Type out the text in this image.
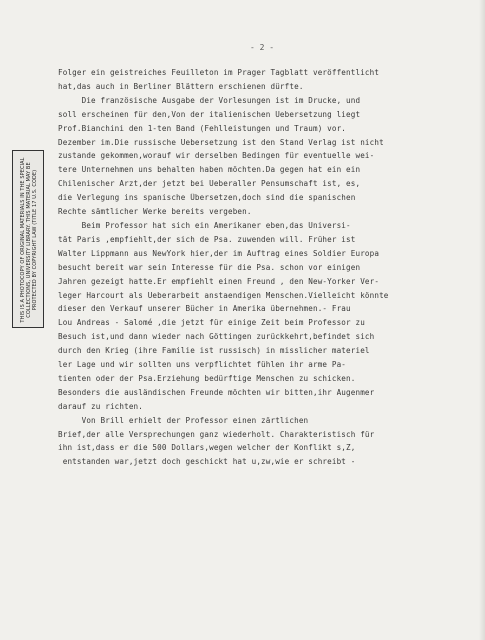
- 2 -
THIS IS A PHOTOCOPY OF ORIGINAL MATERIALS IN THE SPECIAL COLLECTIONS, UNIVERSITY LIBRARY. THIS MATERIAL MAY BE PROTECTED BY COPYRIGHT LAW (TITLE 17 U.S. CODE)
Folger ein geistreiches Feuilleton im Prager Tagblatt veröffentlicht
hat,das auch in Berliner Blättern erschienen dürfte.
Die französische Ausgabe der Vorlesungen ist im Drucke, und
soll erscheinen für den,Von der italienischen Uebersetzung liegt
Prof.Bianchini den 1-ten Band (Fehlleistungen und Traum) vor.
Dezember im.Die russische Uebersetzung ist den Stand Verlag ist nicht
zustande gekommen,worauf wir derselben Bedingen für eventuelle wei-
tere Unternehmen uns behalten haben möchten.Da gegen hat ein ein
Chilenischer Arzt,der jetzt bei Ueberaller Pensumschaft ist, es,
die Verlegung ins spanische Übersetzen,doch sind die spanischen
Rechte sämtlicher Werke bereits vergeben.
Beim Professor hat sich ein Amerikaner eben,das Universi-
tät Paris ,empfiehlt,der sich de Psa. zuwenden will. Früher ist
Walter Lippmann aus NewYork hier,der im Auftrag eines Soldier Europa
besucht bereit war sein Interesse für die Psa. schon vor einigen
Jahren gezeigt hatte.Er empfiehlt einen Freund , den New-Yorker Ver-
leger Harcourt als Ueberarbeit anstaendigen Menschen.Vielleicht könnte
dieser den Verkauf unserer Bücher in Amerika übernehmen.- Frau
Lou Andreas - Salomé ,die jetzt für einige Zeit beim Professor zu
Besuch ist,und dann wieder nach Göttingen zurückkehrt,befindet sich
durch den Krieg (ihre Familie ist russisch) in misslicher materiel
ler Lage und wir sollten uns verpflichtet fühlen ihr arme Pa-
tienten oder der Psa.Erziehung bedürftige Menschen zu schicken.
Besonders die ausländischen Freunde möchten wir bitten,ihr Augenmer
darauf zu richten.
Von Brill erhielt der Professor einen zärtlichen
Brief,der alle Versprechungen ganz wiederholt. Charakteristisch für
ihn ist,dass er die 500 Dollars,wegen welcher der Konflikt s,Z,
entstanden war,jetzt doch geschickt hat u,zw,wie er schreibt -
